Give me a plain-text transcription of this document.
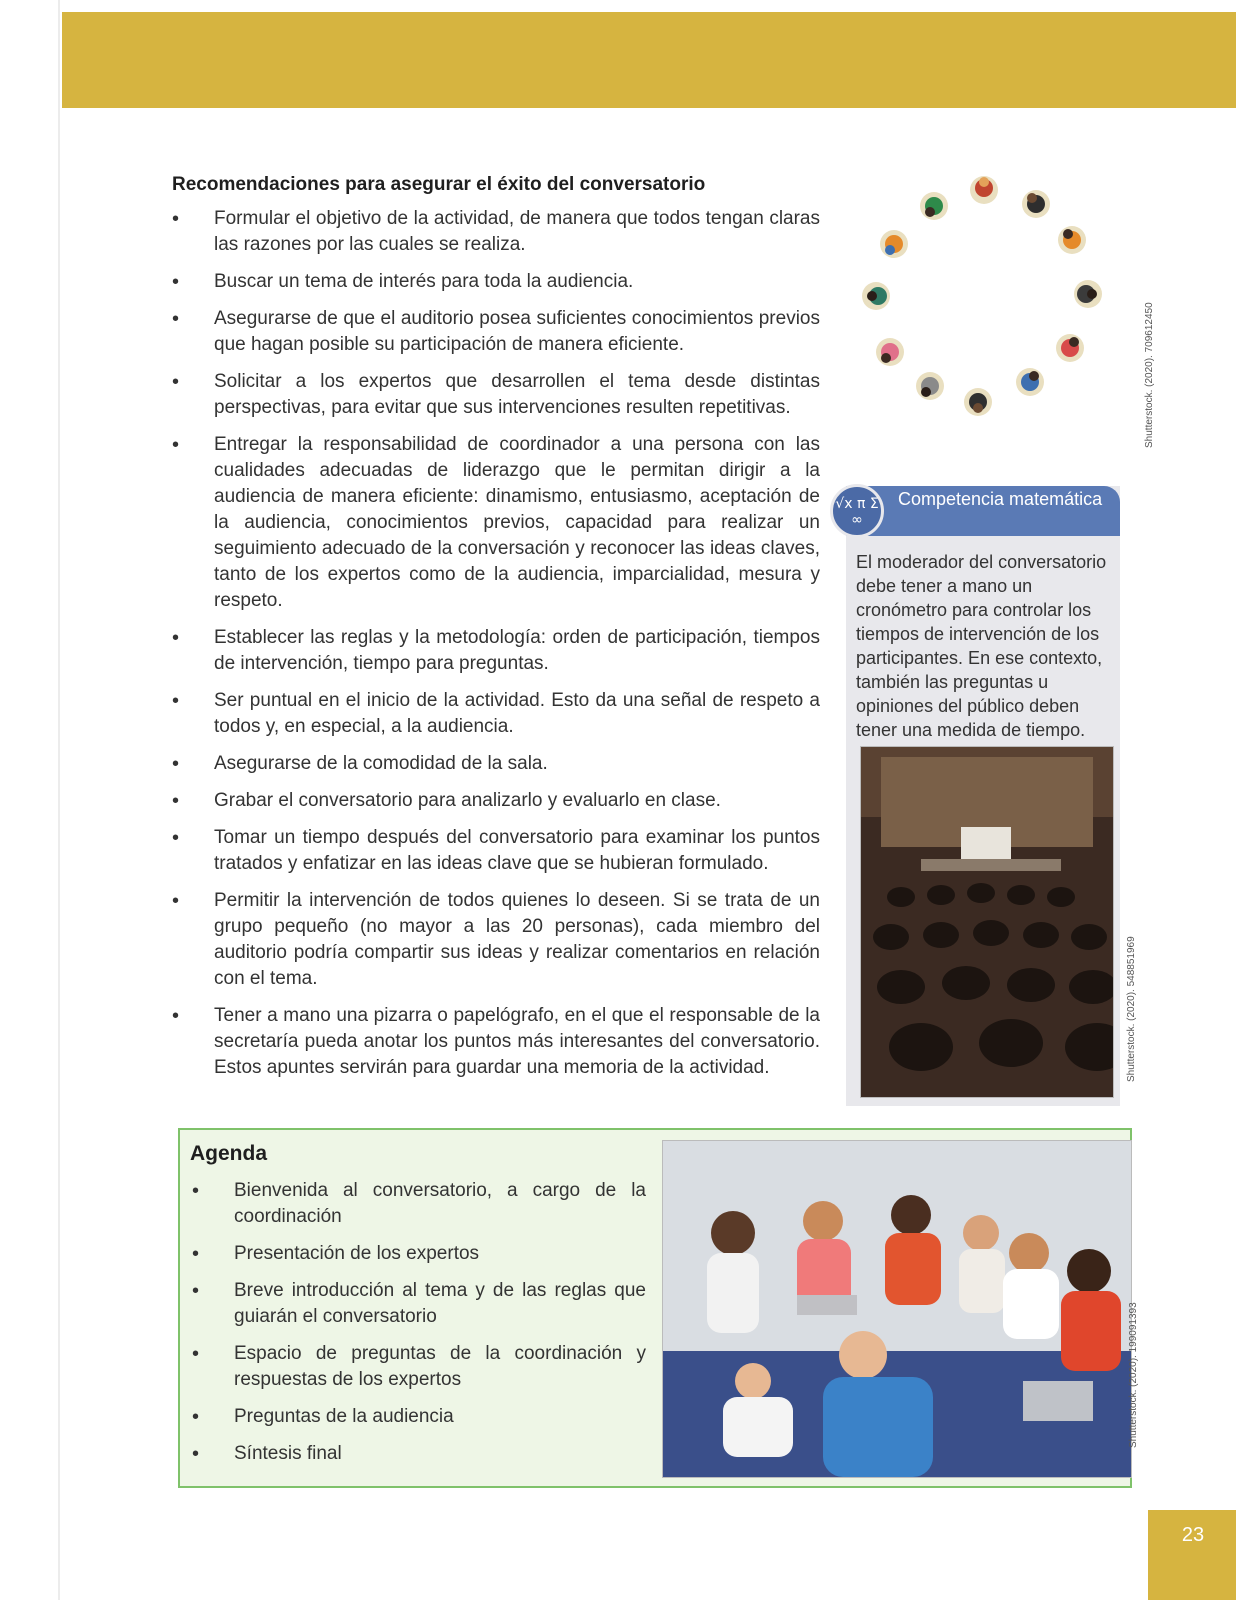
Recomendaciones para asegurar el éxito del conversatorio
• Formular el objetivo de la actividad, de manera que todos tengan claras las razones por las cuales se realiza.
• Buscar un tema de interés para toda la audiencia.
• Asegurarse de que el auditorio posea suficientes conocimientos previos que hagan posible su participación de manera eficiente.
• Solicitar a los expertos que desarrollen el tema desde distintas perspectivas, para evitar que sus intervenciones resulten repetitivas.
• Entregar la responsabilidad de coordinador a una persona con las cualidades adecuadas de liderazgo que le permitan dirigir a la audiencia de manera eficiente: dinamismo, entusiasmo, aceptación de la audiencia, conocimientos previos, capacidad para realizar un seguimiento adecuado de la conversación y reconocer las ideas claves, tanto de los expertos como de la audiencia, imparcialidad, mesura y respeto.
• Establecer las reglas y la metodología: orden de participación, tiempos de intervención, tiempo para preguntas.
• Ser puntual en el inicio de la actividad. Esto da una señal de respeto a todos y, en especial, a la audiencia.
• Asegurarse de la comodidad de la sala.
• Grabar el conversatorio para analizarlo y evaluarlo en clase.
• Tomar un tiempo después del conversatorio para examinar los puntos tratados y enfatizar en las ideas clave que se hubieran formulado.
• Permitir la intervención de todos quienes lo deseen. Si se trata de un grupo pequeño (no mayor a las 20 personas), cada miembro del auditorio podría compartir sus ideas y realizar comentarios en relación con el tema.
• Tener a mano una pizarra o papelógrafo, en el que el responsable de la secretaría pueda anotar los puntos más interesantes del conversatorio. Estos apuntes servirán para guardar una memoria de la actividad.
Shutterstock. (2020). 709612450
√x π Σ ∞
Competencia matemática
El moderador del conversatorio debe tener a mano un cronómetro para controlar los tiempos de intervención de los participantes. En ese contexto, también las preguntas u opiniones del público deben tener una medida de tiempo.
Shutterstock. (2020). 548851969
Agenda
• Bienvenida al conversatorio, a cargo de la coordinación
• Presentación de los expertos
• Breve introducción al tema y de las reglas que guiarán el conversatorio
• Espacio de preguntas de la coordinación y respuestas de los expertos
• Preguntas de la audiencia
• Síntesis final
Shutterstock. (2020). 199091393
23
